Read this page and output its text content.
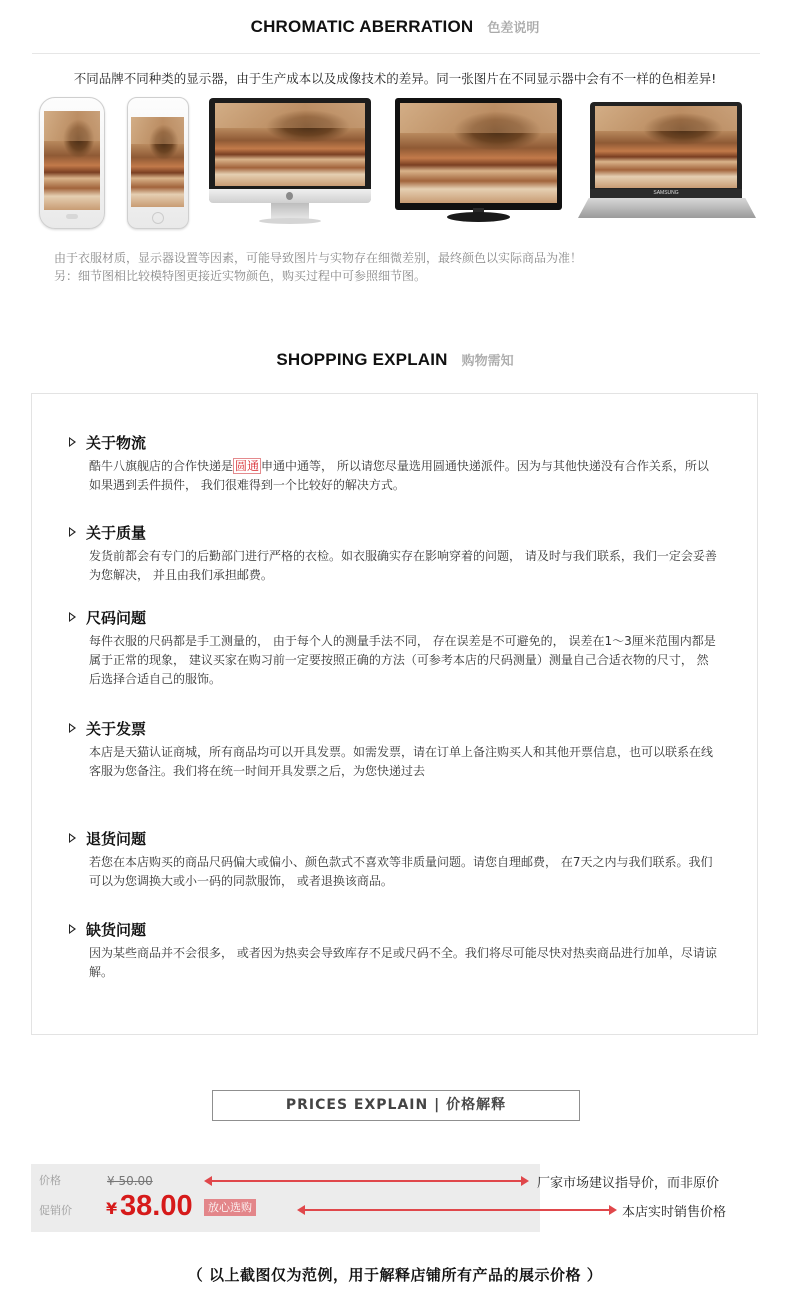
CHROMATIC ABERRATION 色差说明
不同品牌不同种类的显示器，由于生产成本以及成像技术的差异。同一张图片在不同显示器中会有不一样的色相差异!
SAMSUNG
由于衣服材质，显示器设置等因素，可能导致图片与实物存在细微差别，最终颜色以实际商品为准！
另：细节图相比较模特图更接近实物颜色，购买过程中可参照细节图。
SHOPPING EXPLAIN 购物需知
关于物流
酷牛八旗舰店的合作快递是 圆通 申通中通等， 所以请您尽量选用圆通快递派件。因为与其他快递没有合作关系，所以如果遇到丢件损件， 我们很难得到一个比较好的解决方式。
关于质量
发货前都会有专门的后勤部门进行严格的衣检。如衣服确实存在影响穿着的问题， 请及时与我们联系，我们一定会妥善为您解决， 并且由我们承担邮费。
尺码问题
每件衣服的尺码都是手工测量的， 由于每个人的测量手法不同， 存在误差是不可避免的， 误差在1～3厘米范围内都是属于正常的现象， 建议买家在购习前一定要按照正确的方法（可参考本店的尺码测量）测量自己合适衣物的尺寸， 然后选择合适自己的服饰。
关于发票
本店是天猫认证商城，所有商品均可以开具发票。如需发票，请在订单上备注购买人和其他开票信息，也可以联系在线客服为您备注。我们将在统一时间开具发票之后，为您快递过去
退货问题
若您在本店购买的商品尺码偏大或偏小、颜色款式不喜欢等非质量问题。请您自理邮费， 在7天之内与我们联系。我们可以为您调换大或小一码的同款服饰， 或者退换该商品。
缺货问题
因为某些商品并不会很多， 或者因为热卖会导致库存不足或尺码不全。我们将尽可能尽快对热卖商品进行加单，尽请谅解。
PRICES EXPLAIN | 价格解释
价格	¥ 50.00
促销价 ¥ 38.00	放心选购
厂家市场建议指导价，而非原价
本店实时销售价格
（ 以上截图仅为范例，用于解释店铺所有产品的展示价格 ）
